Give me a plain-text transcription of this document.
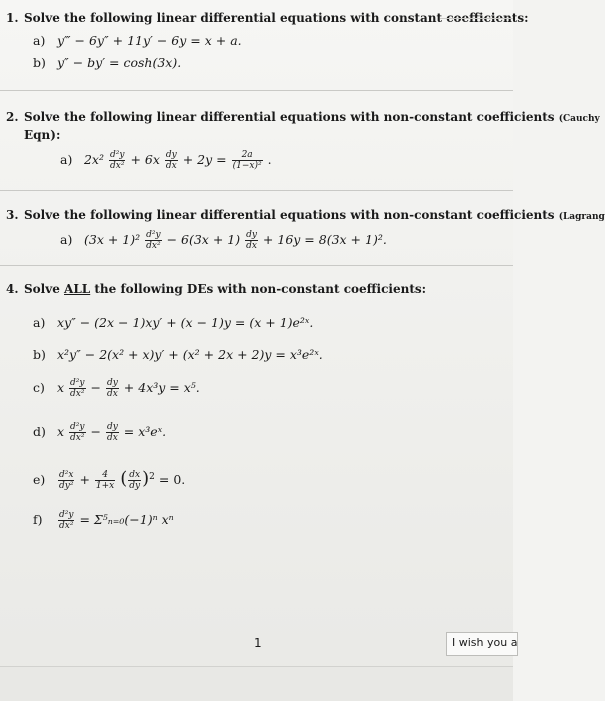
1. Solve the following linear differential equations with constant coefficients:
a) y‴ − 6y″ + 11y′ − 6y = x + a.
b) y″ − by′ = cosh(3x).
2. Solve the following linear differential equations with non-constant coefficients (Cauchy
Eqn):
a) $2x^2 \frac{\text{d²y}}{\text{dx²}} + 6x \frac{dy}{dx} + 2y = \frac{2a}{\text{(1−x)²}}$ .
3. Solve the following linear differential equations with non-constant coefficients (Lagrang
a) $(3x + 1)^2 \frac{\text{d²y}}{\text{dx²}} - 6(3x + 1) \frac{dy}{dx} + 16y = 8(3x + 1)^2$.
4. Solve ALL the following DEs with non-constant coefficients:
a) xy″ − (2x − 1)xy′ + (x − 1)y = (x + 1)e²ˣ.
b) x²y″ − 2(x² + x)y′ + (x² + 2x + 2)y = x³e²ˣ.
c) x $\frac{\text{d²y}}{\text{dx²}} - \frac{dy}{dx} + 4x^3y = x^5$.
d) x $\frac{\text{d²y}}{\text{dx²}} - \frac{dy}{dx}$ = x³eˣ.
$e) \frac{\text{d²x}}{\text{dy²}} + \frac{4}{1+x}$ ( $\frac{dx}{dy} )^2 = 0$.
$f) \frac{\text{d²y}}{\text{dx²}} = \Sigma^5_{n=0}(-1)^n$ xⁿ
1	I wish you a
